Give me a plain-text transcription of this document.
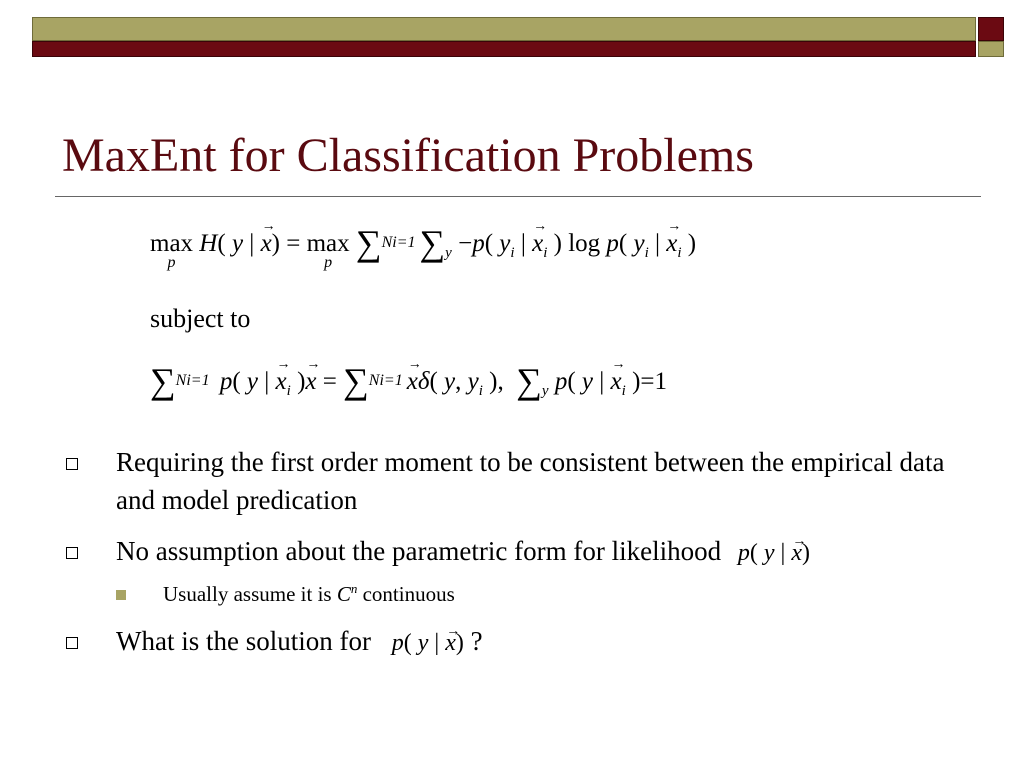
MaxEnt for Classification Problems
max
p
H( y | → x) = max
p ∑Ni=1 $\sum_y -p$( $y_i$ | → $x_i$ ) log p( $y_i$ | → $x_i$ )
subject to
∑Ni=1 p( y | → $x_i$ )→ x = ∑Ni=1→ xδ( y, $y_i$ ),  $\sum_y$ p( y | → $x_i$ )=1
Requiring the first order moment to be consistent between the empirical data and model predication
No assumption about the parametric form for likelihood p( y | → x)
Usually assume it is $C^n$ continuous
What is the solution for p( y | → x) ?
